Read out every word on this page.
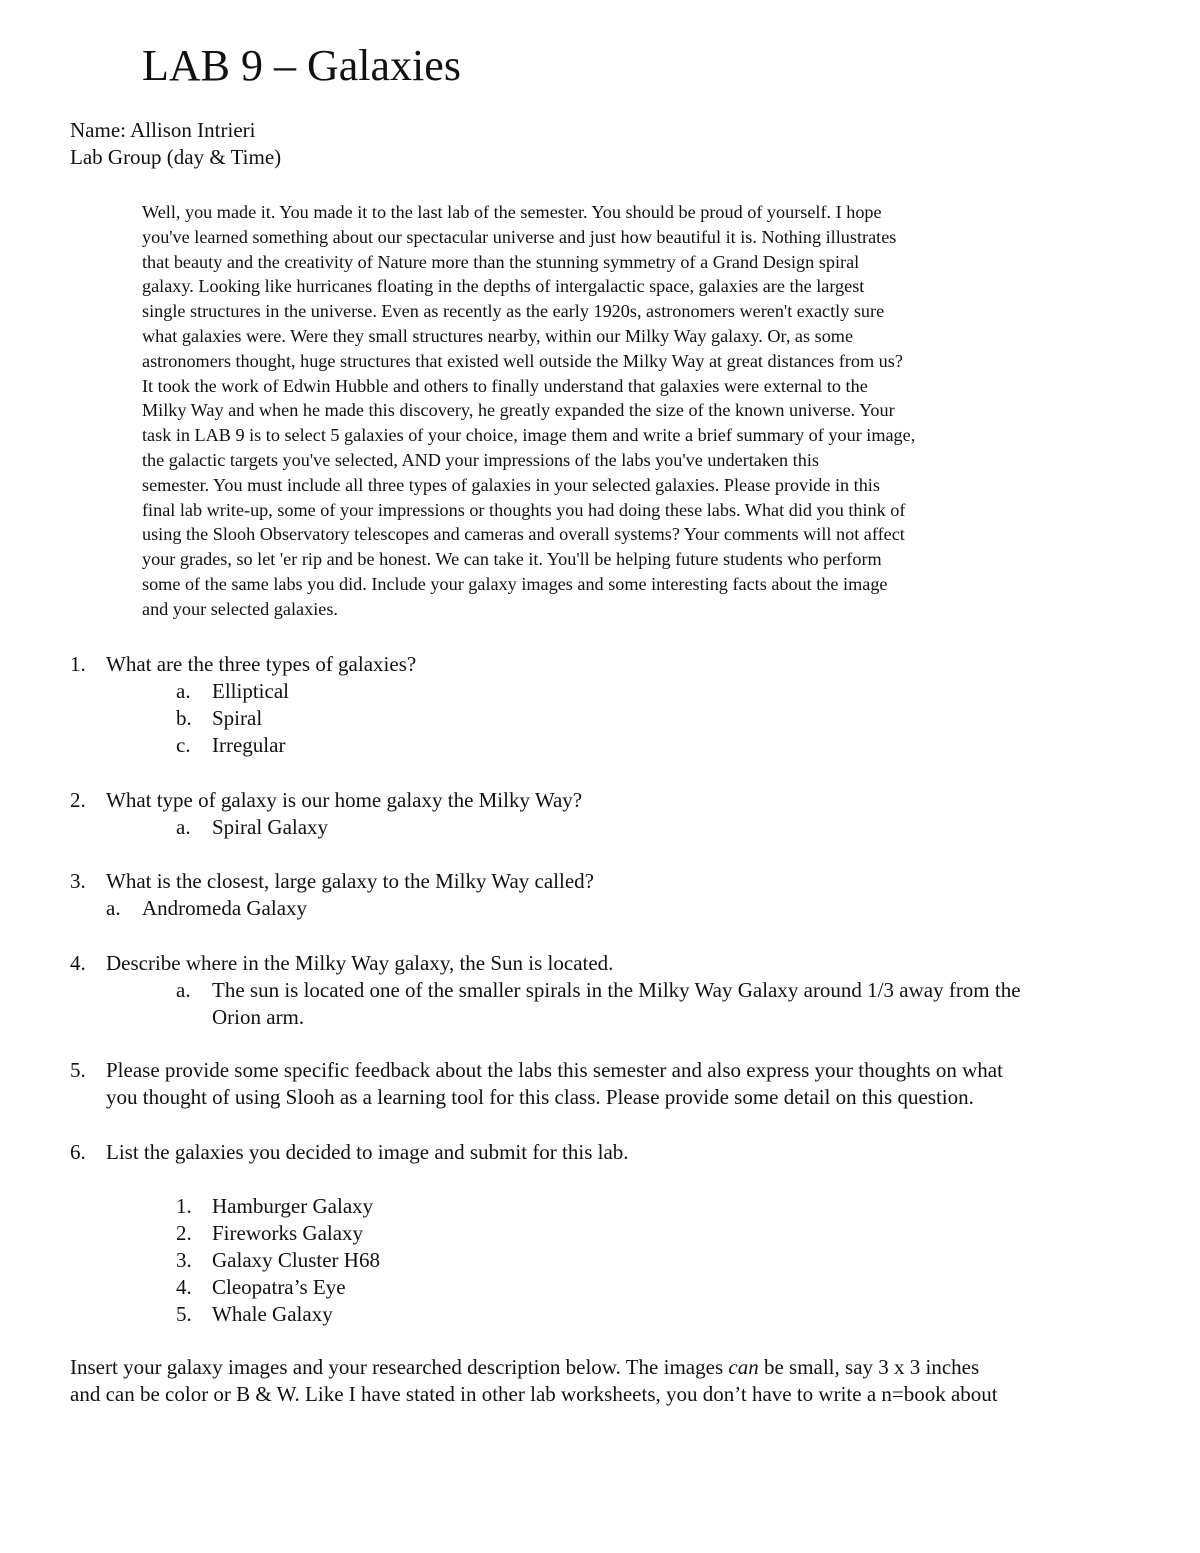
LAB 9 – Galaxies
Name: Allison Intrieri
Lab Group (day & Time)
Well, you made it. You made it to the last lab of the semester. You should be proud of yourself. I hope
you've learned something about our spectacular universe and just how beautiful it is. Nothing illustrates
that beauty and the creativity of Nature more than the stunning symmetry of a Grand Design spiral
galaxy. Looking like hurricanes floating in the depths of intergalactic space, galaxies are the largest
single structures in the universe. Even as recently as the early 1920s, astronomers weren't exactly sure
what galaxies were. Were they small structures nearby, within our Milky Way galaxy. Or, as some
astronomers thought, huge structures that existed well outside the Milky Way at great distances from us?
It took the work of Edwin Hubble and others to finally understand that galaxies were external to the
Milky Way and when he made this discovery, he greatly expanded the size of the known universe. Your
task in LAB 9 is to select 5 galaxies of your choice, image them and write a brief summary of your image,
the galactic targets you've selected, AND your impressions of the labs you've undertaken this
semester. You must include all three types of galaxies in your selected galaxies. Please provide in this
final lab write-up, some of your impressions or thoughts you had doing these labs. What did you think of
using the Slooh Observatory telescopes and cameras and overall systems? Your comments will not affect
your grades, so let 'er rip and be honest. We can take it. You'll be helping future students who perform
some of the same labs you did. Include your galaxy images and some interesting facts about the image
and your selected galaxies.
1. What are the three types of galaxies?
a. Elliptical
b. Spiral
c. Irregular
2. What type of galaxy is our home galaxy the Milky Way?
a. Spiral Galaxy
3. What is the closest, large galaxy to the Milky Way called?
a. Andromeda Galaxy
4. Describe where in the Milky Way galaxy, the Sun is located.
a. The sun is located one of the smaller spirals in the Milky Way Galaxy around 1/3 away from the
Orion arm.
5. Please provide some specific feedback about the labs this semester and also express your thoughts on what
you thought of using Slooh as a learning tool for this class. Please provide some detail on this question.
6. List the galaxies you decided to image and submit for this lab.
1. Hamburger Galaxy
2. Fireworks Galaxy
3. Galaxy Cluster H68
4. Cleopatra’s Eye
5. Whale Galaxy
Insert your galaxy images and your researched description below. The images can be small, say 3 x 3 inches
and can be color or B & W. Like I have stated in other lab worksheets, you don’t have to write a n=book about
